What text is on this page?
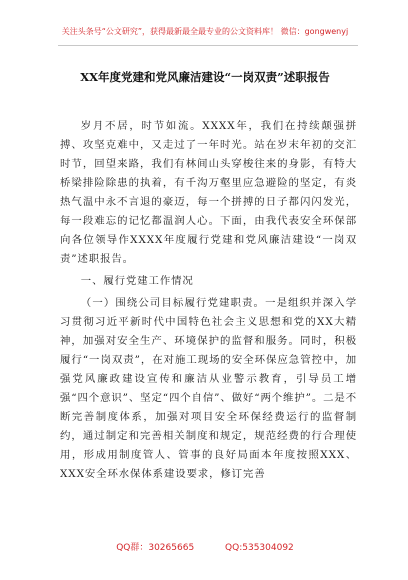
关注头条号“公文研究”，获得最新最全最专业的公文资料库！ 微信：gongwenyj
XX年度党建和党风廉洁建设“一岗双责”述职报告

岁月不居，时节如流。XXXX年，我们在持续颠强拼搏、攻坚克难中，又走过了一年时光。站在岁末年初的交汇时节，回望来路，我们有林间山头穿梭往来的身影，有特大桥梁排险除患的执着，有千沟万壑里应急避险的坚定，有炎热气温中永不言退的豪迈，每一个拼搏的日子都闪闪发光，每一段难忘的记忆都温润人心。下面，由我代表安全环保部向各位领导作XXXX年度履行党建和党风廉洁建设“一岗双责”述职报告。

一、履行党建工作情况

（一）围绕公司目标履行党建职责。一是组织并深入学习贯彻习近平新时代中国特色社会主义思想和党的XX大精神，加强对安全生产、环境保护的监督和服务。同时，积极履行“一岗双责”，在对施工现场的安全环保应急管控中，加强党风廉政建设宣传和廉洁从业警示教育，引导员工增强“四个意识”、坚定“四个自信”、做好“两个维护”。二是不断完善制度体系，加强对项目安全环保经费运行的监督制约，通过制定和完善相关制度和规定，规范经费的行合理使用，形成用制度管人、管事的良好局面本年度按照XXX、XXX安全环水保体系建设要求，修订完善

QQ群：30265665	QQ:535304092
